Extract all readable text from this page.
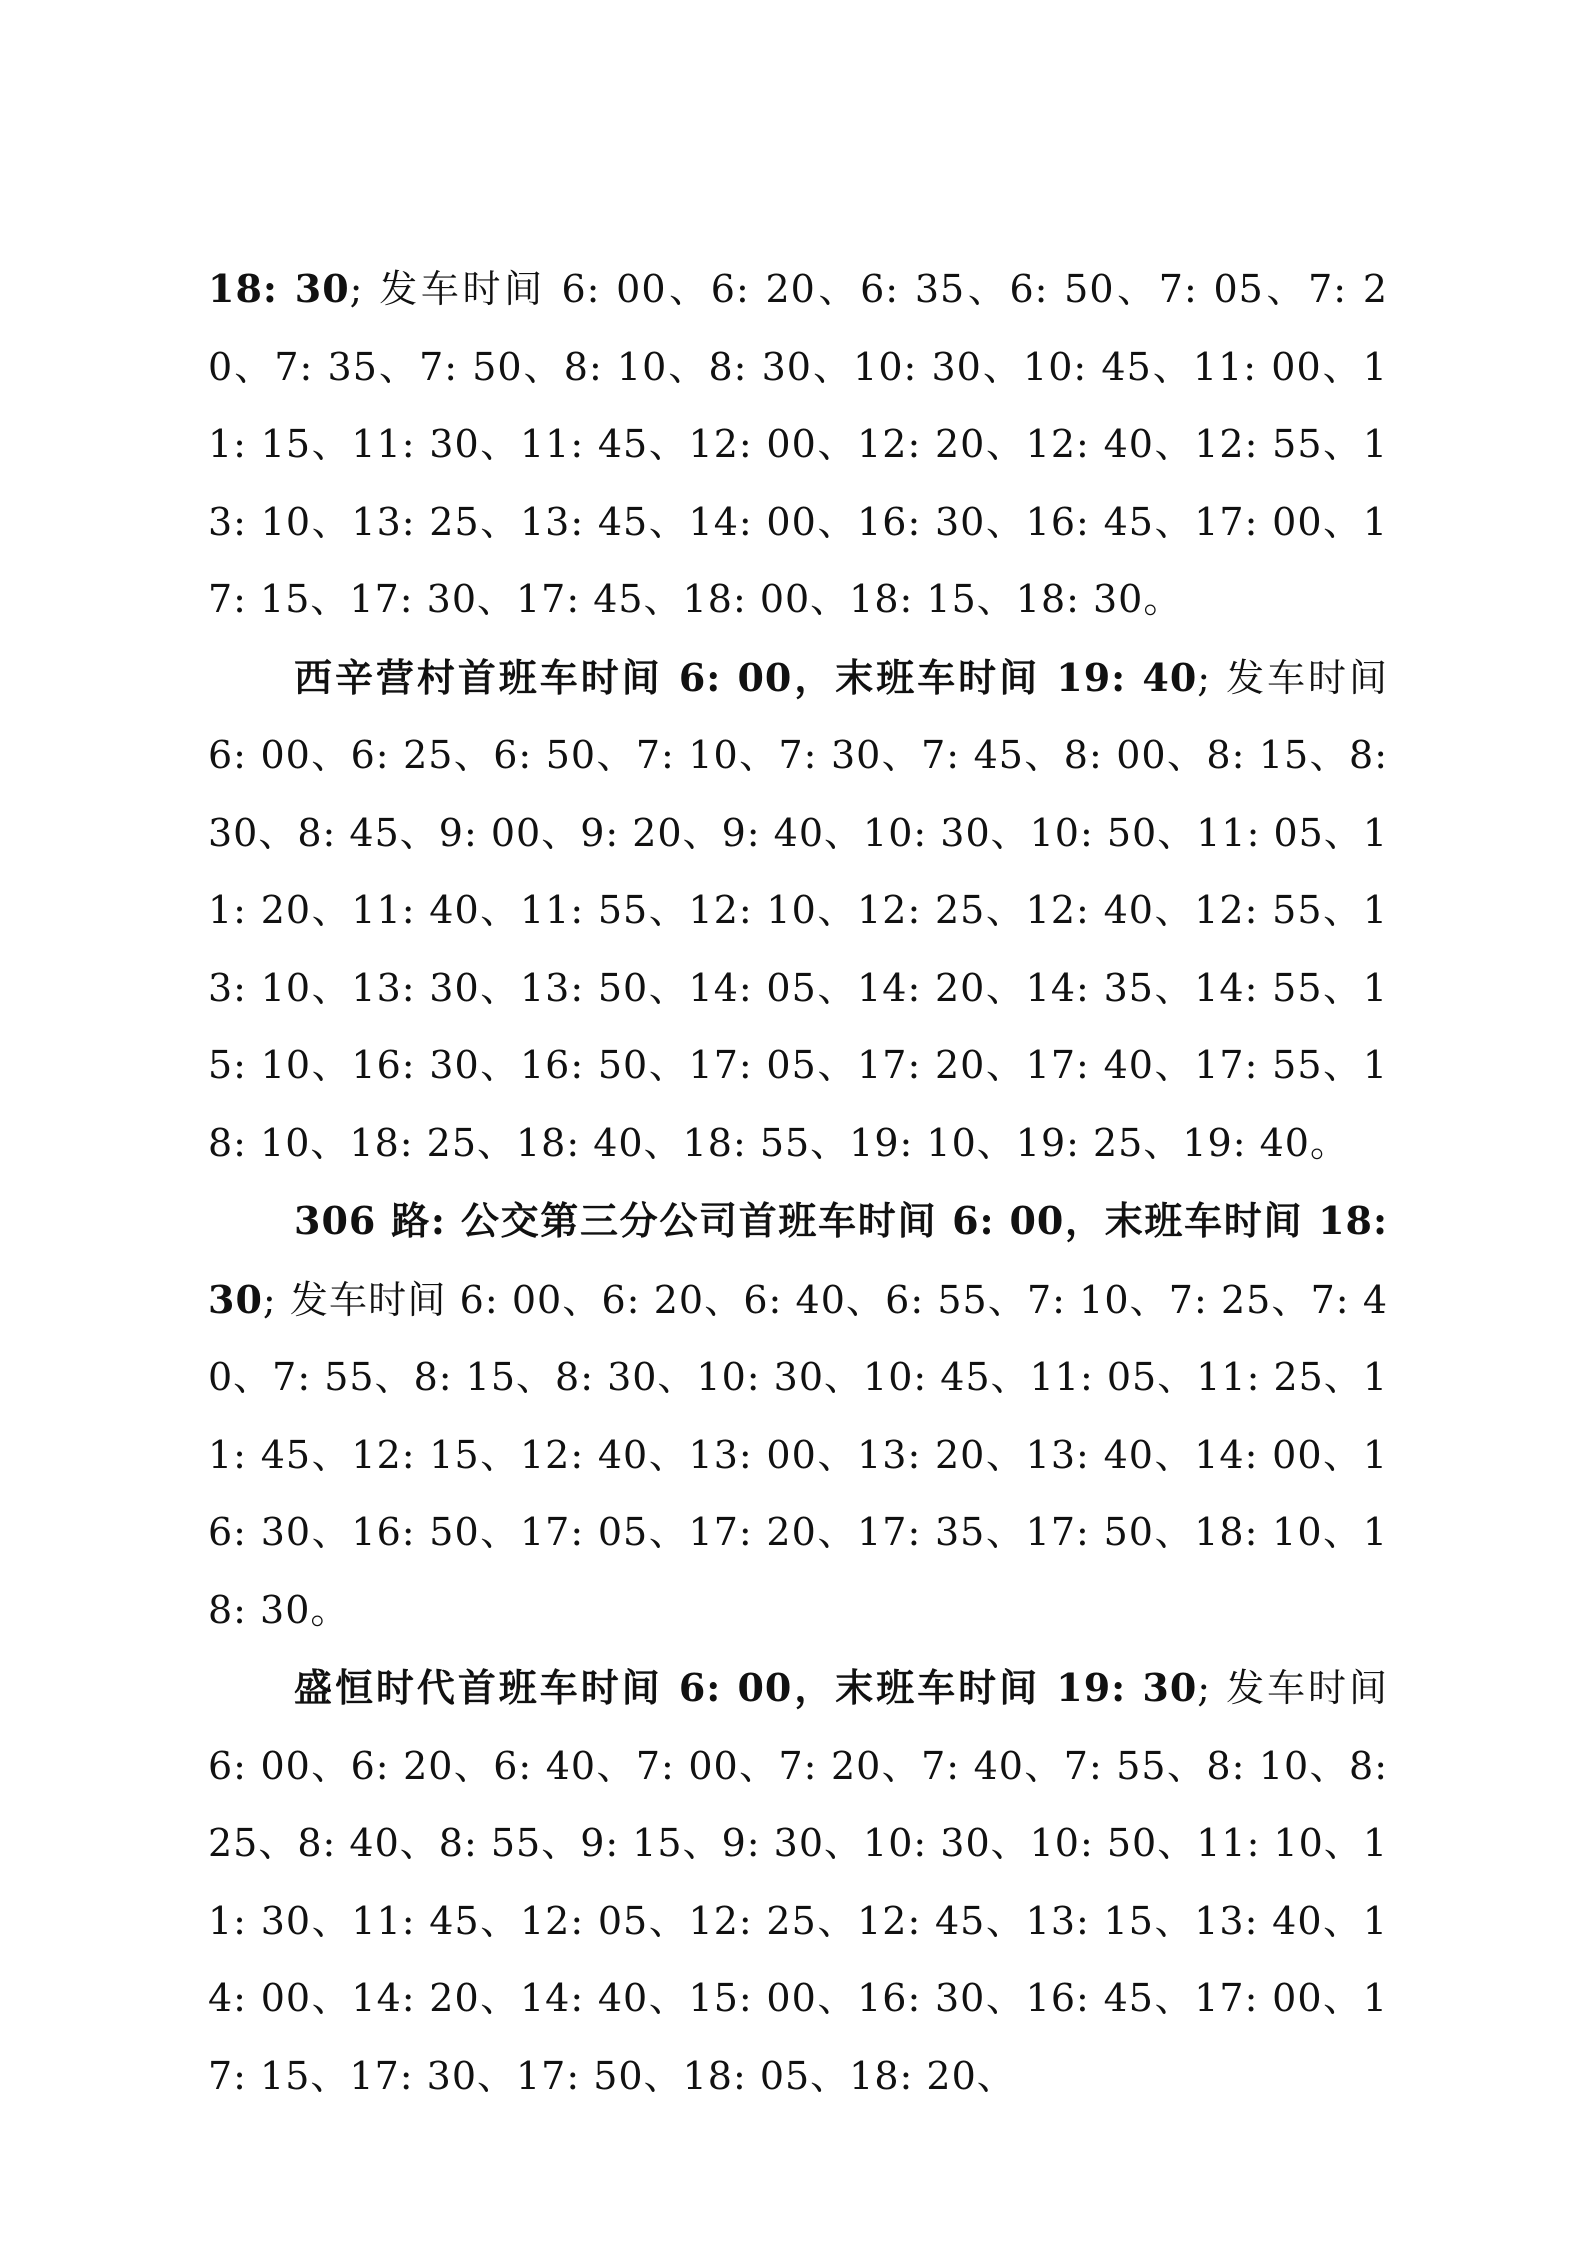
18: 30; 发车时间 6: 00、6: 20、6: 35、6: 50、7: 05、7: 20、7: 35、7: 50、8: 10、8: 30、10: 30、10: 45、11: 00、11: 15、11: 30、11: 45、12: 00、12: 20、12: 40、12: 55、13: 10、13: 25、13: 45、14: 00、16: 30、16: 45、17: 00、17: 15、17: 30、17: 45、18: 00、18: 15、18: 30。

西辛营村首班车时间 6: 00，末班车时间 19: 40; 发车时间 6: 00、6: 25、6: 50、7: 10、7: 30、7: 45、8: 00、8: 15、8: 30、8: 45、9: 00、9: 20、9: 40、10: 30、10: 50、11: 05、11: 20、11: 40、11: 55、12: 10、12: 25、12: 40、12: 55、13: 10、13: 30、13: 50、14: 05、14: 20、14: 35、14: 55、15: 10、16: 30、16: 50、17: 05、17: 20、17: 40、17: 55、18: 10、18: 25、18: 40、18: 55、19: 10、19: 25、19: 40。

306 路: 公交第三分公司首班车时间 6: 00，末班车时间 18: 30; 发车时间 6: 00、6: 20、6: 40、6: 55、7: 10、7: 25、7: 40、7: 55、8: 15、8: 30、10: 30、10: 45、11: 05、11: 25、11: 45、12: 15、12: 40、13: 00、13: 20、13: 40、14: 00、16: 30、16: 50、17: 05、17: 20、17: 35、17: 50、18: 10、18: 30。

盛恒时代首班车时间 6: 00，末班车时间 19: 30; 发车时间 6: 00、6: 20、6: 40、7: 00、7: 20、7: 40、7: 55、8: 10、8: 25、8: 40、8: 55、9: 15、9: 30、10: 30、10: 50、11: 10、11: 30、11: 45、12: 05、12: 25、12: 45、13: 15、13: 40、14: 00、14: 20、14: 40、15: 00、16: 30、16: 45、17: 00、17: 15、17: 30、17: 50、18: 05、18: 20、
